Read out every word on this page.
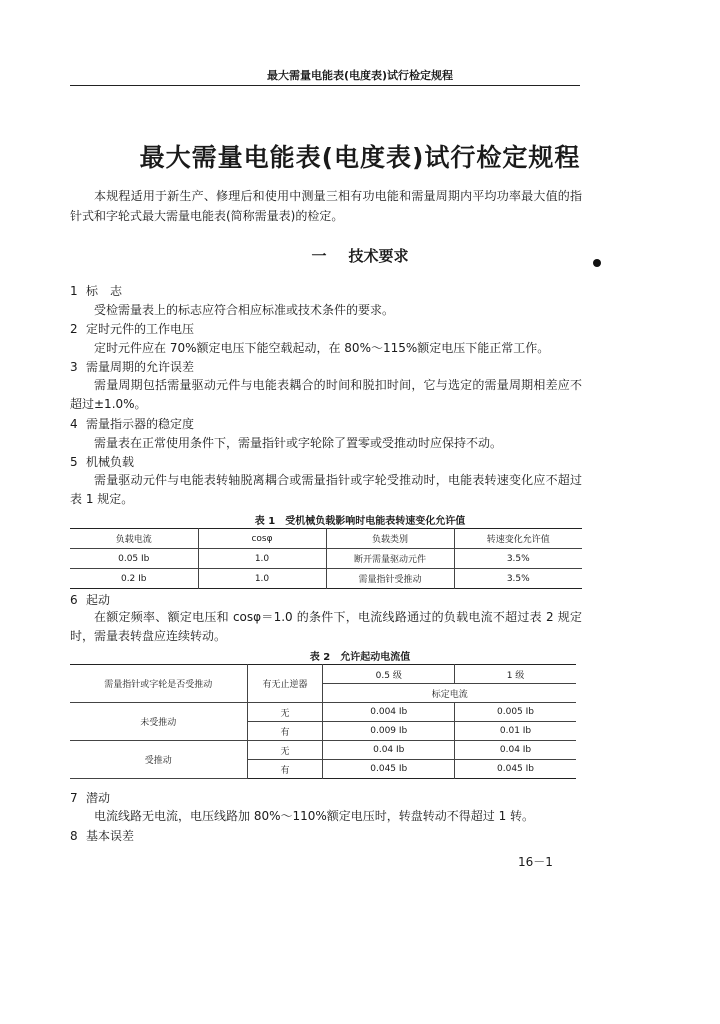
最大需量电能表(电度表)试行检定规程
最大需量电能表(电度表)试行检定规程
本规程适用于新生产、修理后和使用中测量三相有功电能和需量周期内平均功率最大值的指针式和字轮式最大需量电能表(简称需量表)的检定。
一 技术要求
1 标　志
受检需量表上的标志应符合相应标准或技术条件的要求。
2 定时元件的工作电压
定时元件应在 70%额定电压下能空载起动，在 80%～115%额定电压下能正常工作。
3 需量周期的允许误差
需量周期包括需量驱动元件与电能表耦合的时间和脱扣时间，它与选定的需量周期相差应不超过±1.0%。
4 需量指示器的稳定度
需量表在正常使用条件下，需量指针或字轮除了置零或受推动时应保持不动。
5 机械负载
需量驱动元件与电能表转轴脱离耦合或需量指针或字轮受推动时，电能表转速变化应不超过表 1 规定。
表 1　受机械负载影响时电能表转速变化允许值
负载电流	cosφ	负载类别	转速变化允许值
0.05 Ib	1.0	断开需量驱动元件	3.5%
0.2 Ib	1.0	需量指针受推动	3.5%
6 起动
在额定频率、额定电压和 cosφ＝1.0 的条件下，电流线路通过的负载电流不超过表 2 规定时，需量表转盘应连续转动。
表 2　允许起动电流值
需量指针或字轮是否受推动	有无止逆器	0.5 级	1 级
		标定电流	
未受推动	无	0.004 Ib	0.005 Ib
	有	0.009 Ib	0.01 Ib
受推动	无	0.04 Ib	0.04 Ib
	有	0.045 Ib	0.045 Ib
7 潜动
电流线路无电流，电压线路加 80%～110%额定电压时，转盘转动不得超过 1 转。
8 基本误差
16－1
